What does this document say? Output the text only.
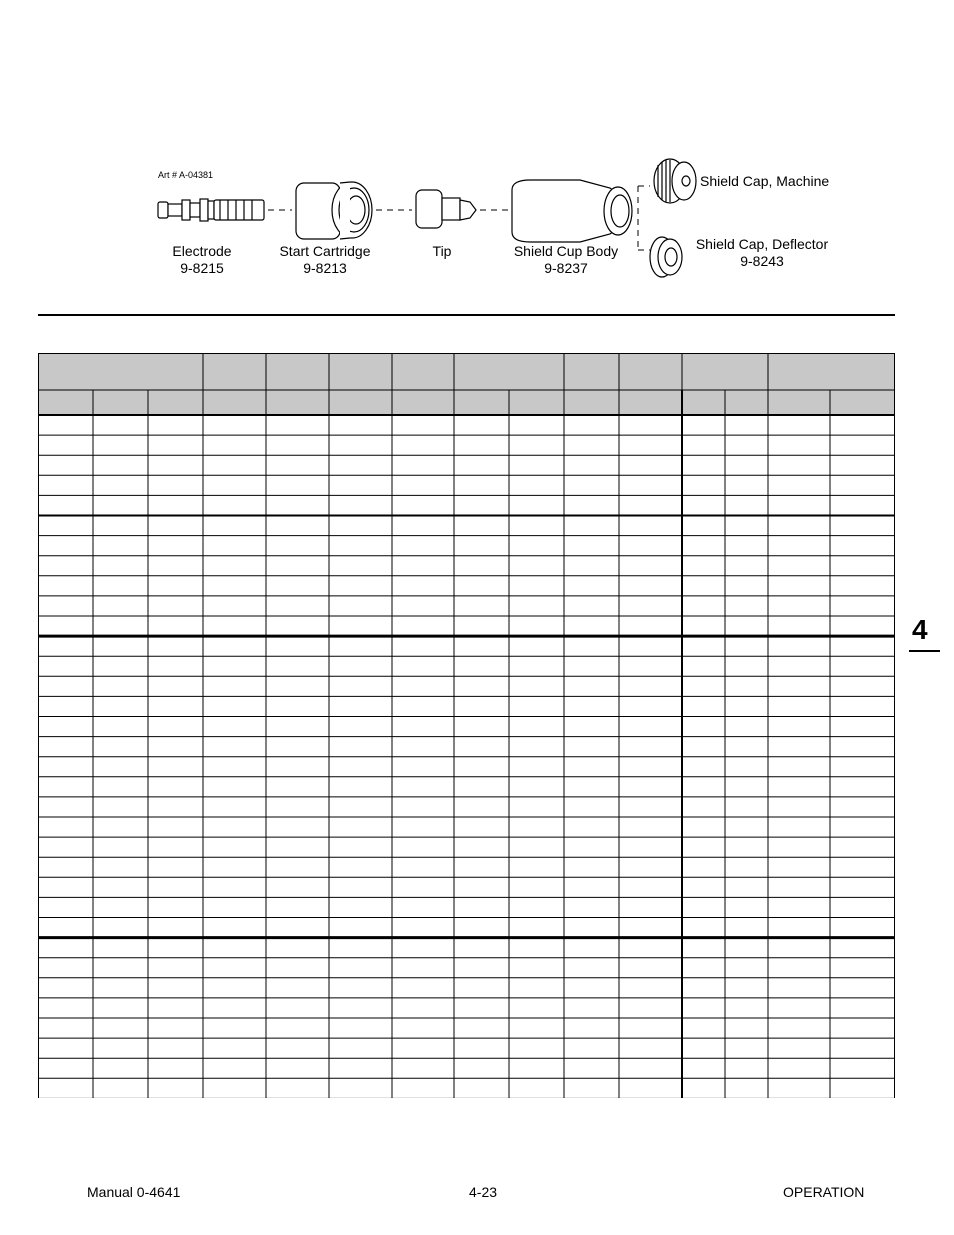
Art # A-04381
Electrode
9-8215
Start Cartridge
9-8213
Tip	Shield Cup Body
9-8237
Shield Cap, Machine
Shield Cap, Deflector
9-8243
4
Manual 0-4641	4-23	OPERATION
